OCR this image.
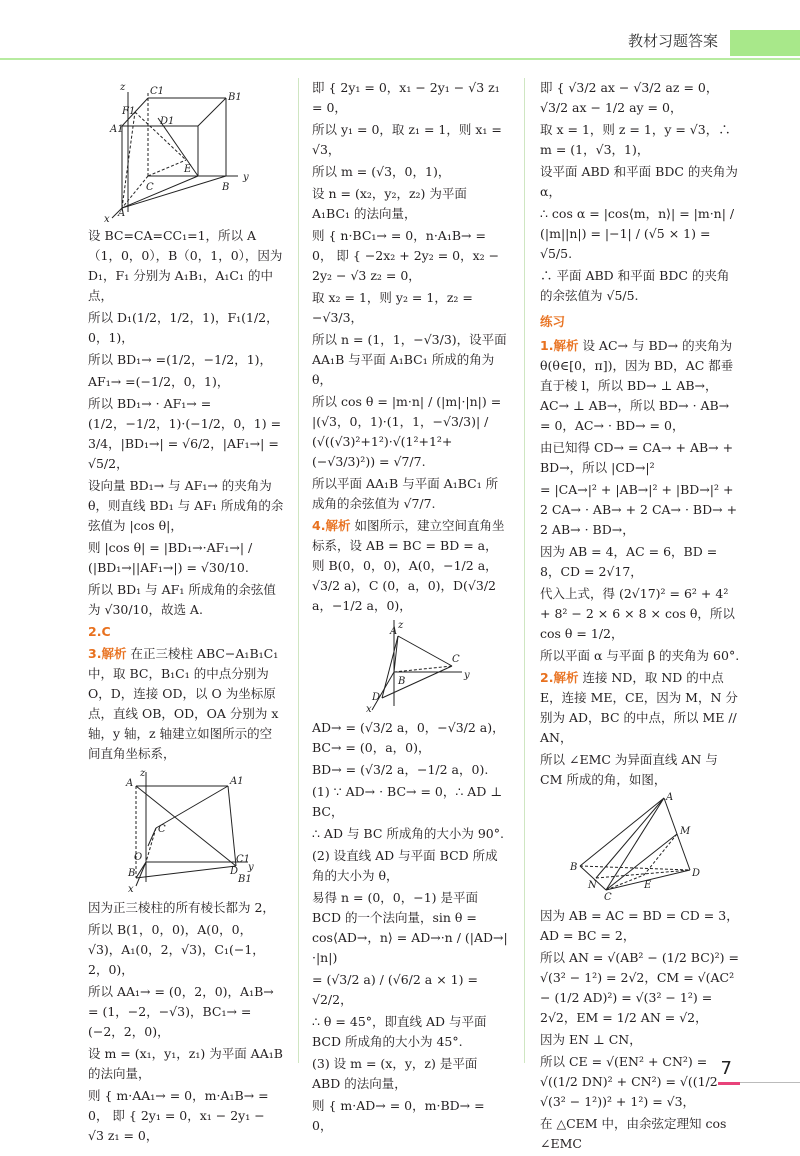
教材习题答案
z C1
B1
F1
A1
D1
C
E
B
y
A
x

设 BC=CA=CC₁=1，所以 A（1，0，0），B（0，1，0），因为 D₁，F₁ 分别为 A₁B₁，A₁C₁ 的中点，

所以 D₁(1/2，1/2，1)，F₁(1/2，0，1)，

所以 BD₁→ =(1/2，−1/2，1)，

AF₁→ =(−1/2，0，1)，

所以 BD₁→ · AF₁→ = (1/2，−1/2，1)·(−1/2，0，1) = 3/4，|BD₁→| = √6/2，|AF₁→| = √5/2，

设向量 BD₁→ 与 AF₁→ 的夹角为 θ，则直线 BD₁ 与 AF₁ 所成角的余弦值为 |cos θ|，

则 |cos θ| = |BD₁→·AF₁→| / (|BD₁→||AF₁→|) = √30/10.

所以 BD₁ 与 AF₁ 所成角的余弦值为 √30/10，故选 A.

2.C

3.解析 在正三棱柱 ABC−A₁B₁C₁ 中，取 BC，B₁C₁ 的中点分别为 O，D，连接 OD，以 O 为坐标原点，直线 OB，OD，OA 分别为 x 轴，y 轴，z 轴建立如图所示的空间直角坐标系，

z
A1
A
C1
C
O
D y
B
B1
x

因为正三棱柱的所有棱长都为 2，

所以 B(1，0，0)，A(0，0，√3)，A₁(0，2，√3)，C₁(−1，2，0)，

所以 AA₁→ = (0，2，0)，A₁B→ = (1，−2，−√3)，BC₁→ = (−2，2，0)，

设 m = (x₁，y₁，z₁) 为平面 AA₁B 的法向量，

则 { m·AA₁→ = 0，m·A₁B→ = 0， 即 { 2y₁ = 0，x₁ − 2y₁ − √3 z₁ = 0，

即 { 2y₁ = 0，x₁ − 2y₁ − √3 z₁ = 0，

所以 y₁ = 0，取 z₁ = 1，则 x₁ = √3，

所以 m = (√3，0，1)，

设 n = (x₂，y₂，z₂) 为平面 A₁BC₁ 的法向量，

则 { n·BC₁→ = 0，n·A₁B→ = 0， 即 { −2x₂ + 2y₂ = 0，x₂ − 2y₂ − √3 z₂ = 0，

取 x₂ = 1，则 y₂ = 1，z₂ = −√3/3，

所以 n = (1，1，−√3/3)，设平面 AA₁B 与平面 A₁BC₁ 所成的角为 θ，

所以 cos θ = |m·n| / (|m|·|n|) = |(√3，0，1)·(1，1，−√3/3)| / (√((√3)²+1²)·√(1²+1²+(−√3/3)²)) = √7/7.

所以平面 AA₁B 与平面 A₁BC₁ 所成角的余弦值为 √7/7.

4.解析 如图所示，建立空间直角坐标系，设 AB = BC = BD = a，则 B(0，0，0)，A(0，−1/2 a，√3/2 a)，C (0，a，0)，D(√3/2 a，−1/2 a，0)，

z
A
C
B
y
D
x

AD→ = (√3/2 a，0，−√3/2 a)，BC→ = (0，a，0)，

BD→ = (√3/2 a，−1/2 a，0).

(1) ∵ AD→ · BC→ = 0，∴ AD ⊥ BC，

∴ AD 与 BC 所成角的大小为 90°.

(2) 设直线 AD 与平面 BCD 所成角的大小为 θ，

易得 n = (0，0，−1) 是平面 BCD 的一个法向量，sin θ = cos⟨AD→，n⟩ = AD→·n / (|AD→|·|n|)

= (√3/2 a) / (√6/2 a × 1) = √2/2，

∴ θ = 45°，即直线 AD 与平面 BCD 所成角的大小为 45°.

(3) 设 m = (x，y，z) 是平面 ABD 的法向量，

则 { m·AD→ = 0，m·BD→ = 0，

即 { √3/2 ax − √3/2 az = 0，√3/2 ax − 1/2 ay = 0，

取 x = 1，则 z = 1，y = √3，∴ m = (1，√3，1)，

设平面 ABD 和平面 BDC 的夹角为 α，

∴ cos α = |cos⟨m，n⟩| = |m·n| / (|m||n|) = |−1| / (√5 × 1) = √5/5.

∴ 平面 ABD 和平面 BDC 的夹角的余弦值为 √5/5.

练习

1.解析 设 AC→ 与 BD→ 的夹角为 θ(θ∈[0，π])，因为 BD，AC 都垂直于棱 l，所以 BD→ ⊥ AB→，AC→ ⊥ AB→，所以 BD→ · AB→ = 0，AC→ · BD→ = 0，

由已知得 CD→ = CA→ + AB→ + BD→，所以 |CD→|²

= |CA→|² + |AB→|² + |BD→|² + 2 CA→ · AB→ + 2 CA→ · BD→ + 2 AB→ · BD→，

因为 AB = 4，AC = 6，BD = 8，CD = 2√17，

代入上式，得 (2√17)² = 6² + 4² + 8² − 2 × 6 × 8 × cos θ，所以 cos θ = 1/2，

所以平面 α 与平面 β 的夹角为 60°.

2.解析 连接 ND，取 ND 的中点 E，连接 ME，CE，因为 M，N 分别为 AD，BC 的中点，所以 ME // AN，

所以 ∠EMC 为异面直线 AN 与 CM 所成的角，如图，

A
M
B
E
D
N
C

因为 AB = AC = BD = CD = 3，AD = BC = 2，

所以 AN = √(AB² − (1/2 BC)²) = √(3² − 1²) = 2√2，CM = √(AC² − (1/2 AD)²) = √(3² − 1²) = 2√2，EM = 1/2 AN = √2，

因为 EN ⊥ CN，

所以 CE = √(EN² + CN²) = √((1/2 DN)² + CN²) = √((1/2 √(3² − 1²))² + 1²) = √3，

在 △CEM 中，由余弦定理知 cos ∠EMC

7
